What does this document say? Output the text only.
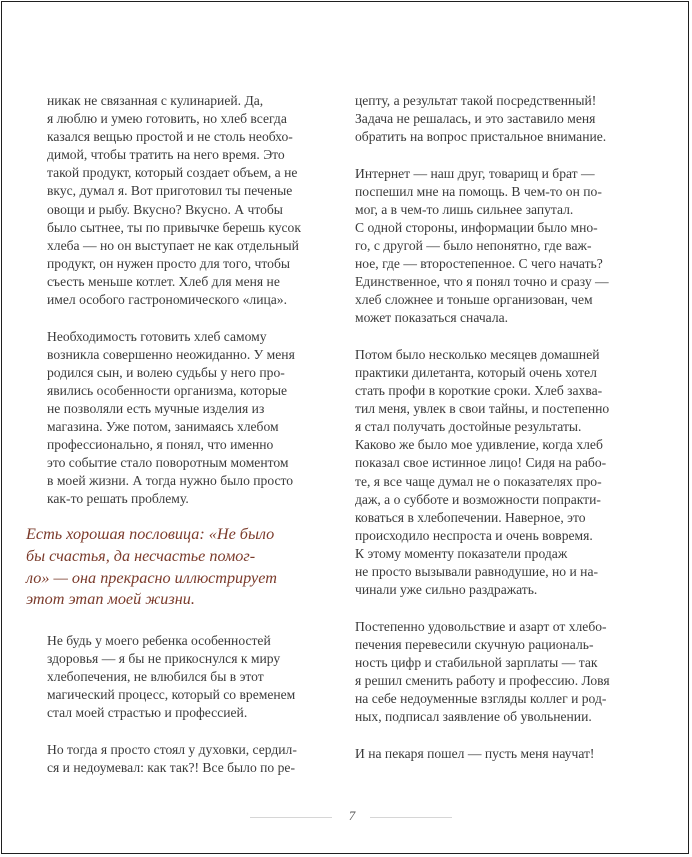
никак не связанная с кулинарией. Да,
я люблю и умею готовить, но хлеб всегда
казался вещью простой и не столь необхо-
димой, чтобы тратить на него время. Это
такой продукт, который создает объем, а не
вкус, думал я. Вот приготовил ты печеные
овощи и рыбу. Вкусно? Вкусно. А чтобы
было сытнее, ты по привычке берешь кусок
хлеба — но он выступает не как отдельный
продукт, он нужен просто для того, чтобы
съесть меньше котлет. Хлеб для меня не
имел особого гастрономического «лица».

Необходимость готовить хлеб самому
возникла совершенно неожиданно. У меня
родился сын, и волею судьбы у него про-
явились особенности организма, которые
не позволяли есть мучные изделия из
магазина. Уже потом, занимаясь хлебом
профессионально, я понял, что именно
это событие стало поворотным моментом
в моей жизни. А тогда нужно было просто
как-то решать проблему.

Есть хорошая пословица: «Не было
бы счастья, да несчастье помог-
ло» — она прекрасно иллюстрирует
этот этап моей жизни.

Не будь у моего ребенка особенностей
здоровья — я бы не прикоснулся к миру
хлебопечения, не влюбился бы в этот
магический процесс, который со временем
стал моей страстью и профессией.

Но тогда я просто стоял у духовки, сердил-
ся и недоумевал: как так?! Все было по ре-

цепту, а результат такой посредственный!
Задача не решалась, и это заставило меня
обратить на вопрос пристальное внимание.

Интернет — наш друг, товарищ и брат —
поспешил мне на помощь. В чем-то он по-
мог, а в чем-то лишь сильнее запутал.
С одной стороны, информации было мно-
го, с другой — было непонятно, где важ-
ное, где — второстепенное. С чего начать?
Единственное, что я понял точно и сразу —
хлеб сложнее и тоньше организован, чем
может показаться сначала.

Потом было несколько месяцев домашней
практики дилетанта, который очень хотел
стать профи в короткие сроки. Хлеб захва-
тил меня, увлек в свои тайны, и постепенно
я стал получать достойные результаты.
Каково же было мое удивление, когда хлеб
показал свое истинное лицо! Сидя на рабо-
те, я все чаще думал не о показателях про-
даж, а о субботе и возможности попракти-
коваться в хлебопечении. Наверное, это
происходило неспроста и очень вовремя.
К этому моменту показатели продаж
не просто вызывали равнодушие, но и на-
чинали уже сильно раздражать.

Постепенно удовольствие и азарт от хлебо-
печения перевесили скучную рациональ-
ность цифр и стабильной зарплаты — так
я решил сменить работу и профессию. Ловя
на себе недоуменные взгляды коллег и род-
ных, подписал заявление об увольнении.

И на пекаря пошел — пусть меня научат!

7
